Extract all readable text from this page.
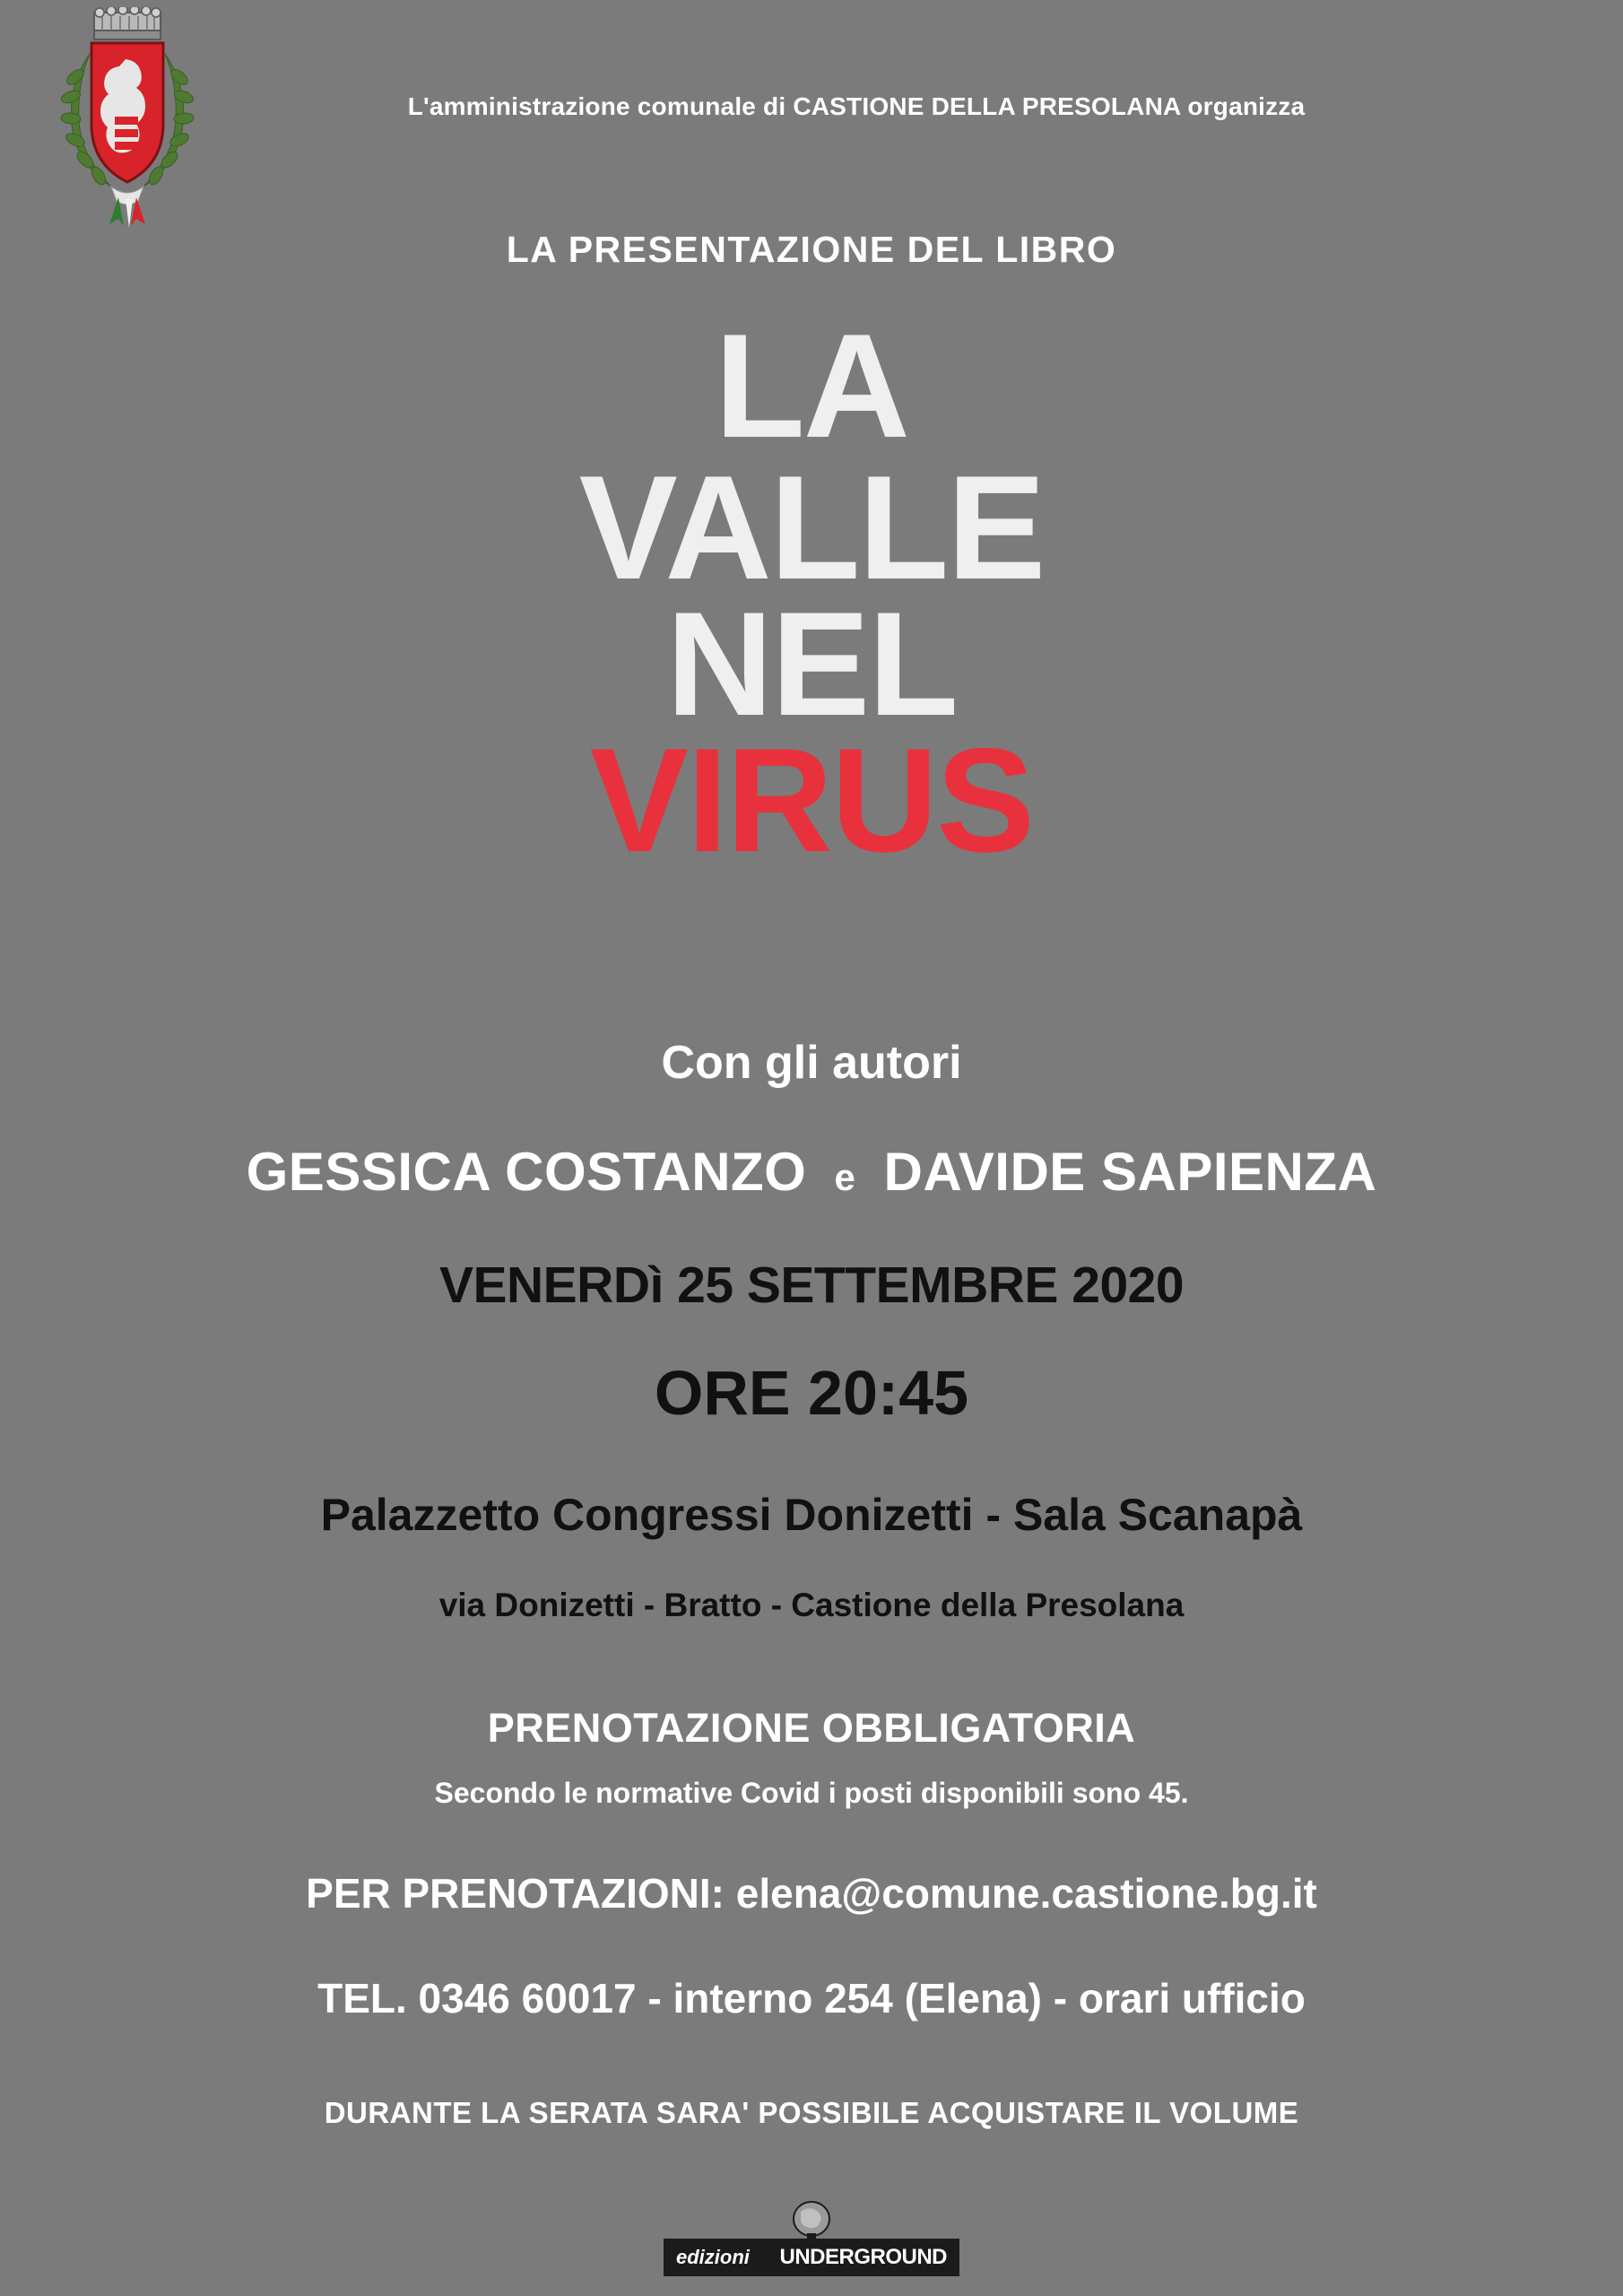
L'amministrazione comunale di CASTIONE DELLA PRESOLANA organizza
LA PRESENTAZIONE DEL LIBRO
LA
VALLE
NEL
VIRUS
Con gli autori
GESSICA COSTANZO e DAVIDE SAPIENZA
VENERDì 25 SETTEMBRE 2020
ORE 20:45
Palazzetto Congressi Donizetti - Sala Scanapà
via Donizetti - Bratto - Castione della Presolana
PRENOTAZIONE OBBLIGATORIA
Secondo le normative Covid i posti disponibili sono 45.
PER PRENOTAZIONI: elena@comune.castione.bg.it
TEL. 0346 60017 - interno 254 (Elena) - orari ufficio
DURANTE LA SERATA SARA' POSSIBILE ACQUISTARE IL VOLUME
edizioni UNDERGROUND
